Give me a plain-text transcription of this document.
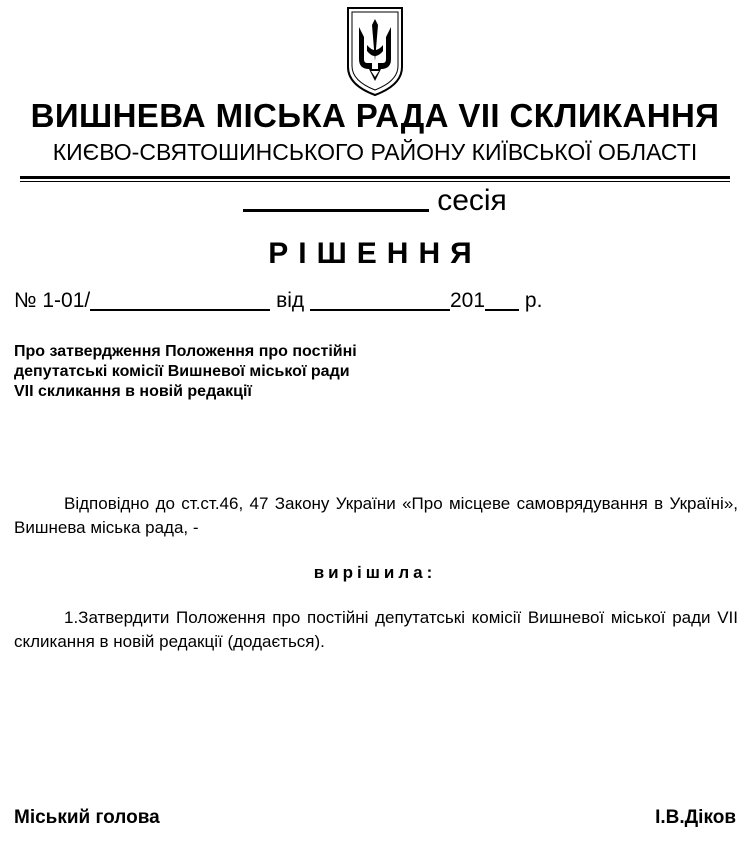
ВИШНЕВА МІСЬКА РАДА VII СКЛИКАННЯ
КИЄВО-СВЯТОШИНСЬКОГО РАЙОНУ КИЇВСЬКОЇ ОБЛАСТІ
сесія
РІШЕННЯ
№ 1-01/	від	201 р.
Про затвердження Положення про постійні
депутатські комісії Вишневої міської ради
VII скликання в новій редакції
Відповідно до ст.ст.46, 47 Закону України «Про місцеве самоврядування в Україні», Вишнева міська рада, -
вирішила:
1.Затвердити Положення про постійні депутатські комісії Вишневої міської ради VII скликання в новій редакції (додається).
Міський голова	І.В.Діков
